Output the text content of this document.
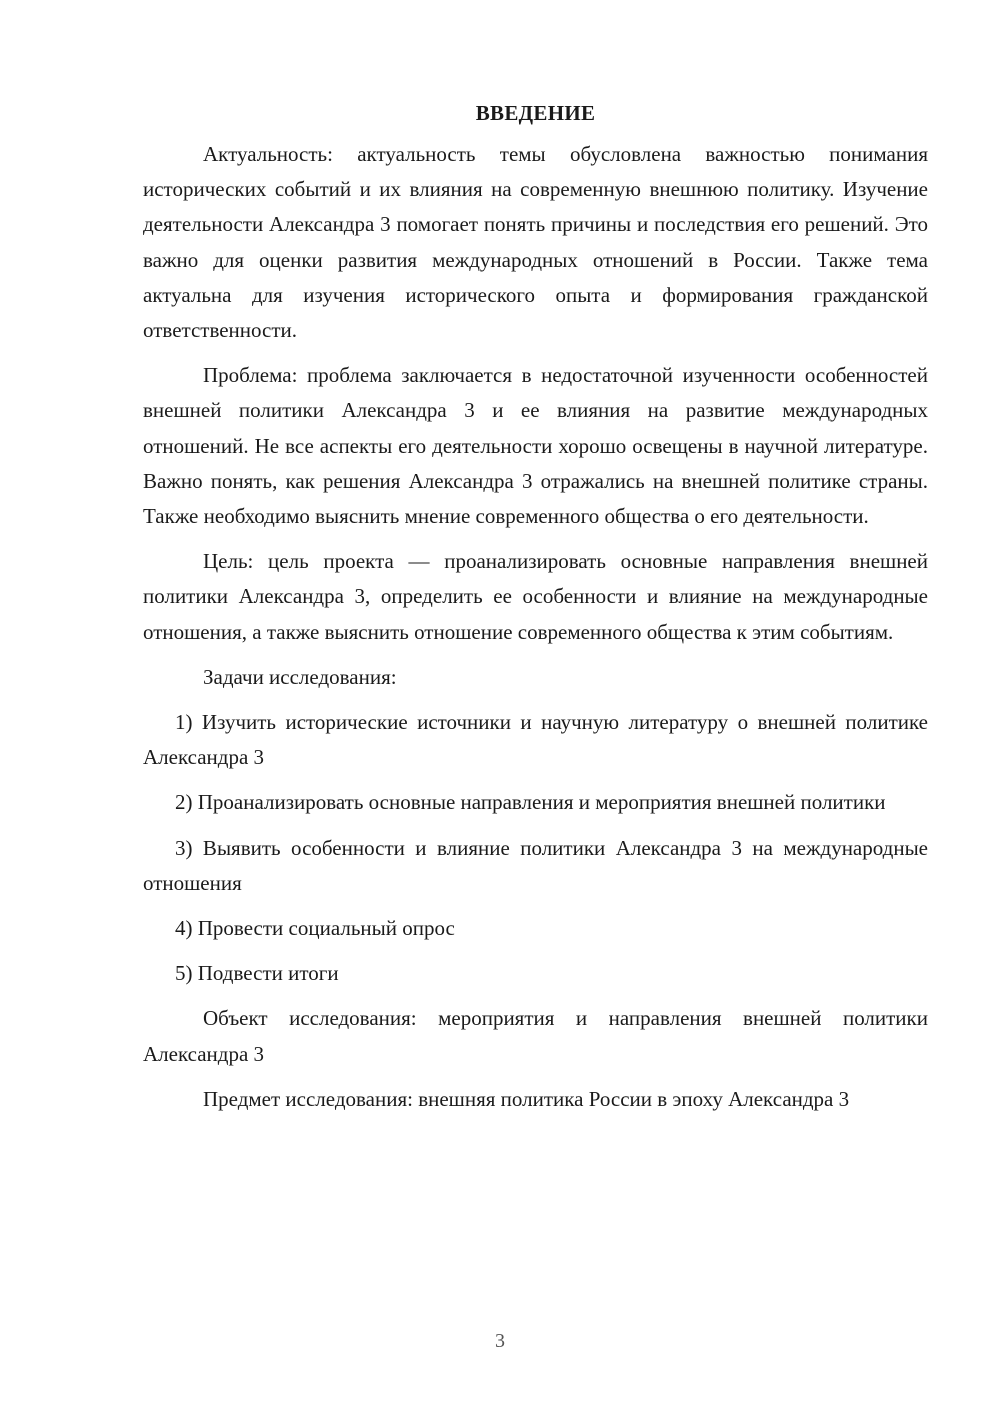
ВВЕДЕНИЕ

Актуальность: актуальность темы обусловлена важностью понимания исторических событий и их влияния на современную внешнюю политику. Изучение деятельности Александра 3 помогает понять причины и последствия его решений. Это важно для оценки развития международных отношений в России. Также тема актуальна для изучения исторического опыта и формирования гражданской ответственности.

Проблема: проблема заключается в недостаточной изученности особенностей внешней политики Александра 3 и ее влияния на развитие международных отношений. Не все аспекты его деятельности хорошо освещены в научной литературе. Важно понять, как решения Александра 3 отражались на внешней политике страны. Также необходимо выяснить мнение современного общества о его деятельности.

Цель: цель проекта — проанализировать основные направления внешней политики Александра 3, определить ее особенности и влияние на международные отношения, а также выяснить отношение современного общества к этим событиям.

Задачи исследования:

1) Изучить исторические источники и научную литературу о внешней политике Александра 3

2) Проанализировать основные направления и мероприятия внешней политики

3) Выявить особенности и влияние политики Александра 3 на международные отношения

4) Провести социальный опрос

5) Подвести итоги

Объект исследования: мероприятия и направления внешней политики Александра 3

Предмет исследования: внешняя политика России в эпоху Александра 3

3
